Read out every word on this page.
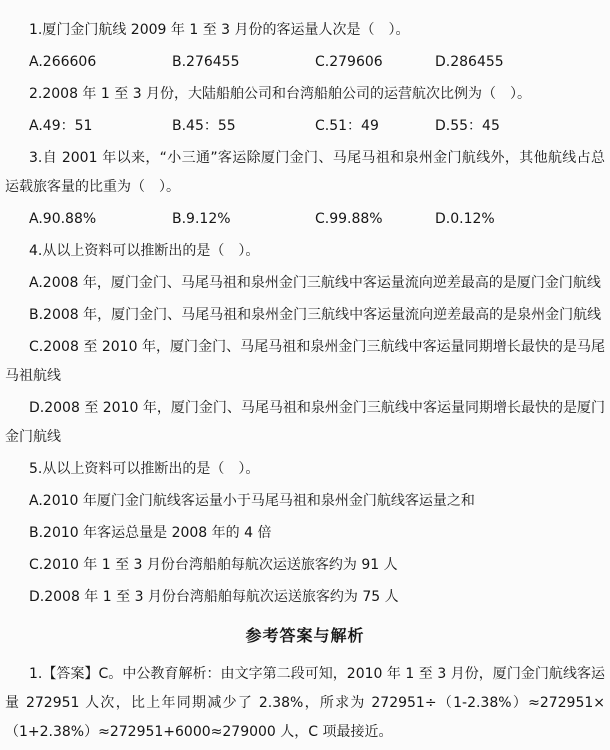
1.厦门金门航线 2009 年 1 至 3 月份的客运量人次是（　）。

A.266606	B.276455	C.279606	D.286455

2.2008 年 1 至 3 月份，大陆船舶公司和台湾船舶公司的运营航次比例为（　）。

A.49：51	B.45：55	C.51：49	D.55：45

3.自 2001 年以来，“小三通”客运除厦门金门、马尾马祖和泉州金门航线外，其他航线占总运载旅客量的比重为（　）。

A.90.88%	B.9.12%	C.99.88%	D.0.12%

4.从以上资料可以推断出的是（　）。

A.2008 年，厦门金门、马尾马祖和泉州金门三航线中客运量流向逆差最高的是厦门金门航线

B.2008 年，厦门金门、马尾马祖和泉州金门三航线中客运量流向逆差最高的是泉州金门航线

C.2008 至 2010 年，厦门金门、马尾马祖和泉州金门三航线中客运量同期增长最快的是马尾马祖航线

D.2008 至 2010 年，厦门金门、马尾马祖和泉州金门三航线中客运量同期增长最快的是厦门金门航线

5.从以上资料可以推断出的是（　）。

A.2010 年厦门金门航线客运量小于马尾马祖和泉州金门航线客运量之和

B.2010 年客运总量是 2008 年的 4 倍

C.2010 年 1 至 3 月份台湾船舶每航次运送旅客约为 91 人

D.2008 年 1 至 3 月份台湾船舶每航次运送旅客约为 75 人

参考答案与解析

1.【答案】C。中公教育解析：由文字第二段可知，2010 年 1 至 3 月份，厦门金门航线客运量 272951 人次，比上年同期减少了 2.38%，所求为 272951÷（1-2.38%）≈272951×（1+2.38%）≈272951+6000≈279000 人，C 项最接近。
